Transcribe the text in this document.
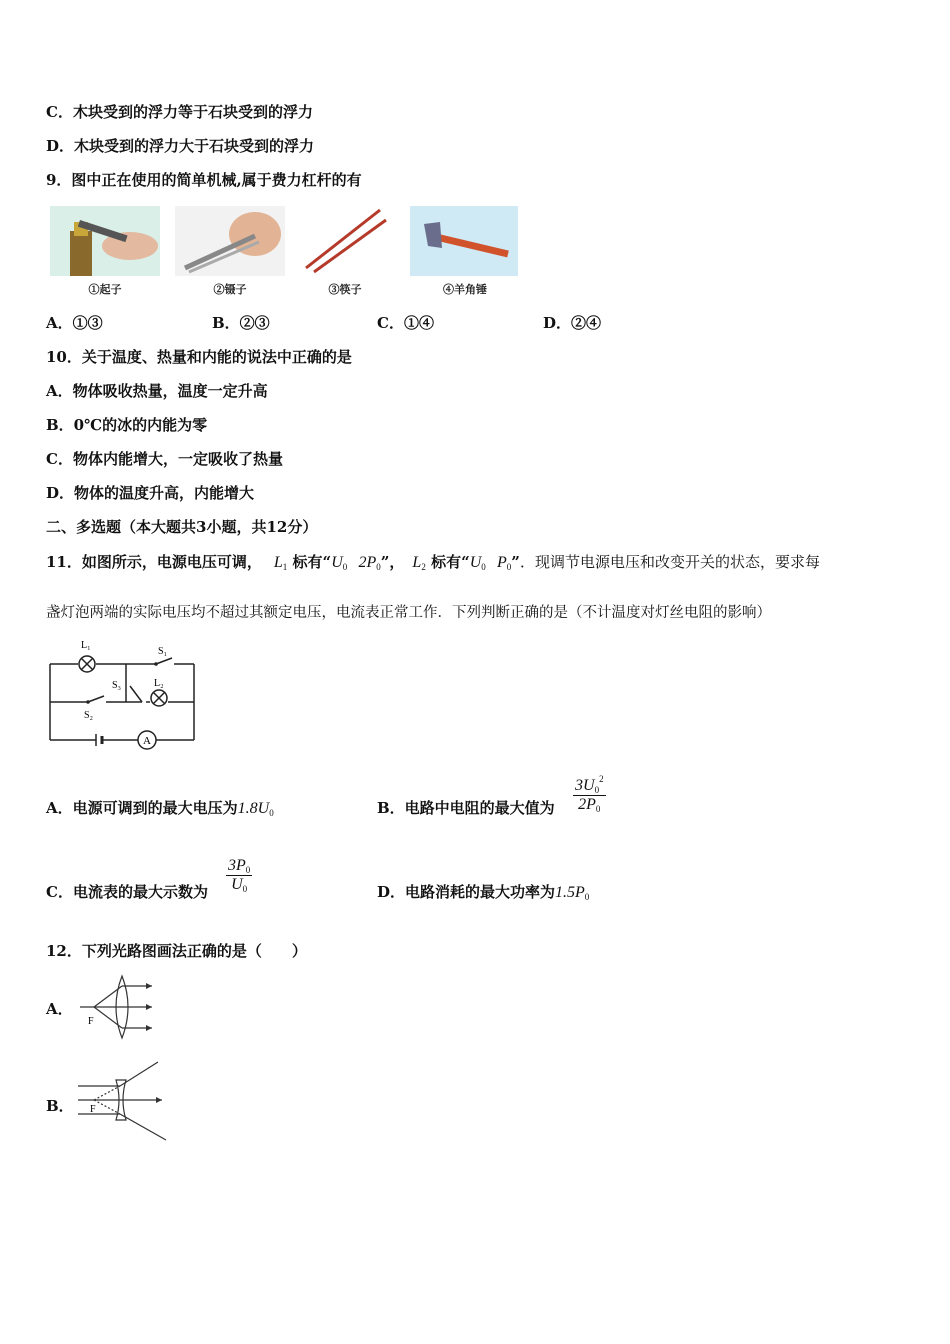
C．木块受到的浮力等于石块受到的浮力
D．木块受到的浮力大于石块受到的浮力
9．图中正在使用的简单机械,属于费力杠杆的有
①起子	②镊子	③筷子	④羊角锤
A．①③	B．②③	C．①④	D．②④
10．关于温度、热量和内能的说法中正确的是
A．物体吸收热量，温度一定升高
B．0℃的冰的内能为零
C．物体内能增大，一定吸收了热量
D．物体的温度升高，内能增大
二、多选题（本大题共3小题，共12分）
11．如图所示，电源电压可调， $L_1$ 标有“$U_0$ $2P_0$”， $L_2$ 标有“$U_0$ $P_0$”．现调节电源电压和改变开关的状态，要求每
盏灯泡两端的实际电压均不超过其额定电压，电流表正常工作．下列判断正确的是（不计温度对灯丝电阻的影响）
L₁
S₁
S₃	L₂
S₂
A
A．电源可调到的最大电压为$1.8U_0$	B．电路中电阻的最大值为 $\frac{3U_0^2}{2P_0}$
C．电流表的最大示数为 $\frac{3P_0}{U_0}$	D．电路消耗的最大功率为$1.5P_0$
12．下列光路图画法正确的是（　　）
A．
F
B． F
